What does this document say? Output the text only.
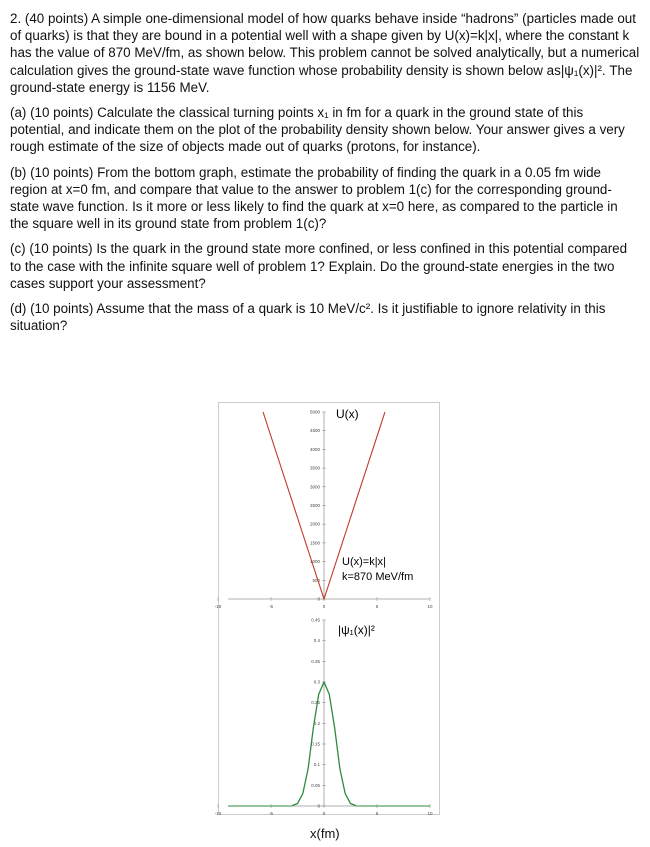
2. (40 points) A simple one-dimensional model of how quarks behave inside “hadrons” (particles made out of quarks) is that they are bound in a potential well with a shape given by U(x)=k|x|, where the constant k has the value of 870 MeV/fm, as shown below. This problem cannot be solved analytically, but a numerical calculation gives the ground-state wave function whose probability density is shown below as|ψ₁(x)|². The ground-state energy is 1156 MeV.

(a) (10 points) Calculate the classical turning points x₁ in fm for a quark in the ground state of this potential, and indicate them on the plot of the probability density shown below. Your answer gives a very rough estimate of the size of objects made out of quarks (protons, for instance).

(b) (10 points) From the bottom graph, estimate the probability of finding the quark in a 0.05 fm wide region at x=0 fm, and compare that value to the answer to problem 1(c) for the corresponding ground-state wave function. Is it more or less likely to find the quark at x=0 here, as compared to the particle in the square well in its ground state from problem 1(c)?

(c) (10 points) Is the quark in the ground state more confined, or less confined in this potential compared to the case with the infinite square well of problem 1? Explain. Do the ground-state energies in the two cases support your assessment?

(d) (10 points) Assume that the mass of a quark is 10 MeV/c². Is it justifiable to ignore relativity in this situation?

-10	-5	0	5	10
0
500
1000
1500
2000
2500
3000
3500
4000
4500
5000
-10	-5	0	5	10
0
0.05
0.1
0.15
0.2
0.25
0.3
0.35
0.4
0.45
U(x)
U(x)=k|x|
k=870 MeV/fm
|ψ₁(x)|²
x(fm)
